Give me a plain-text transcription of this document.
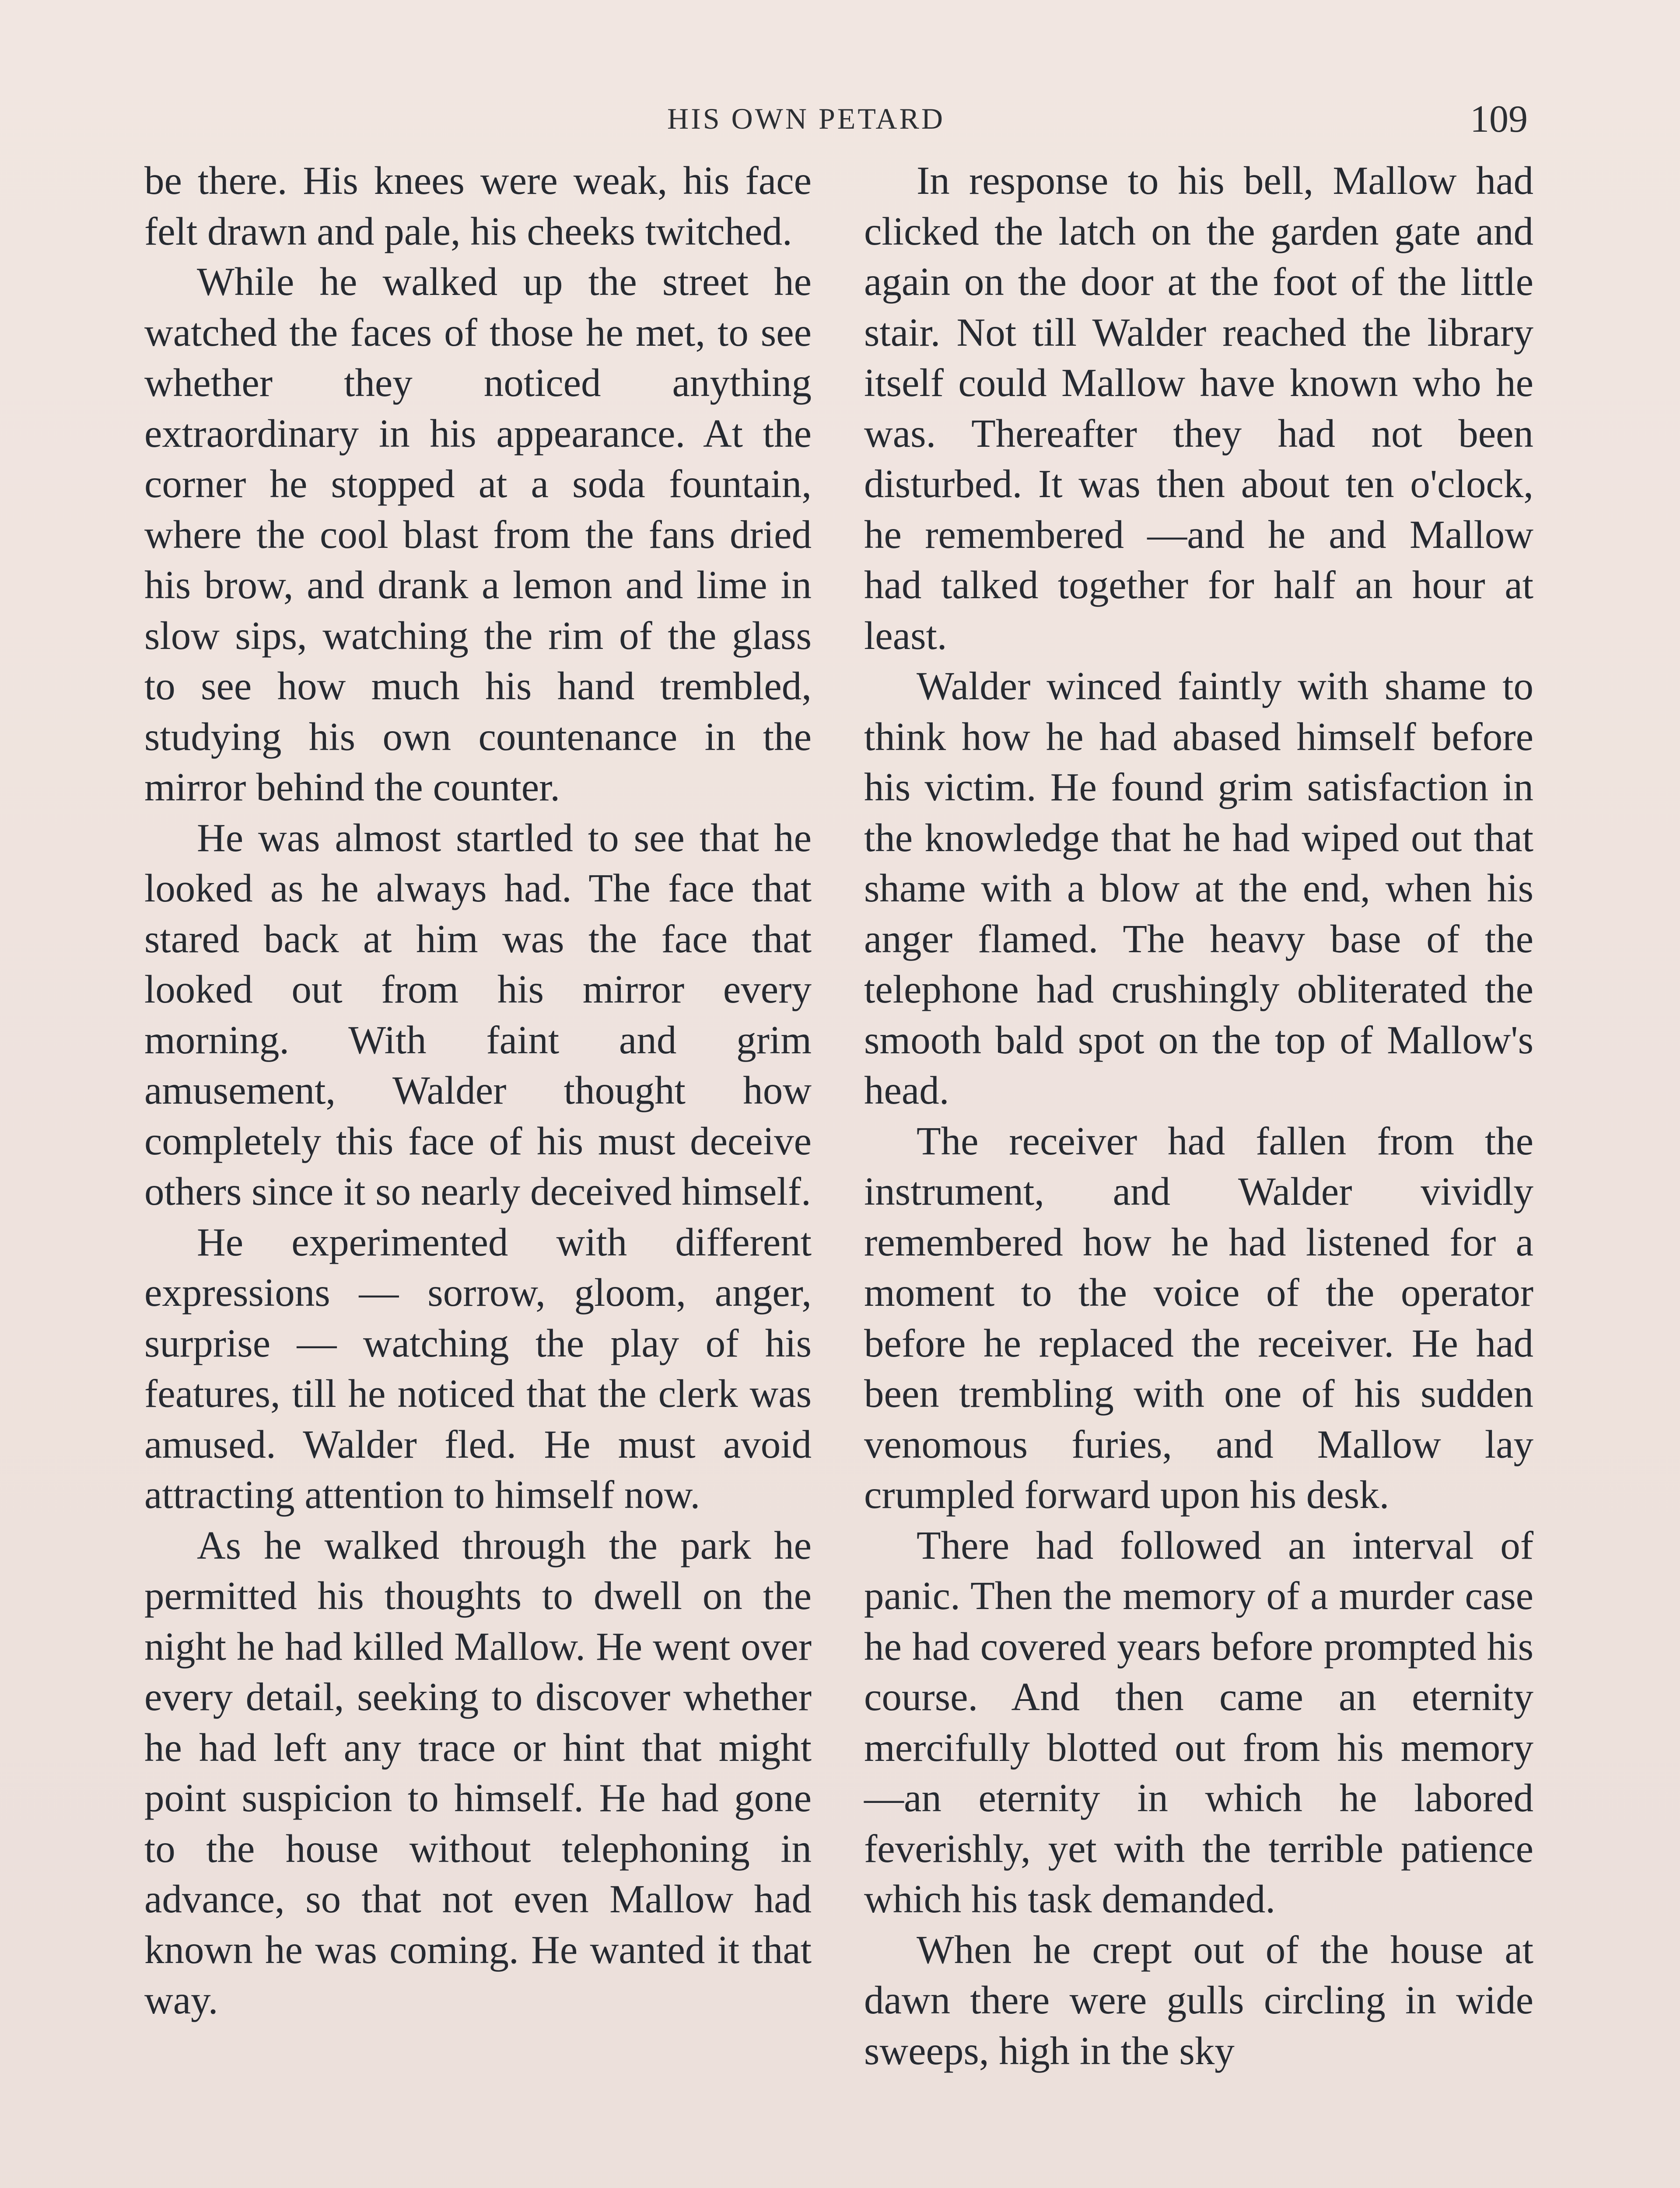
HIS OWN PETARD	109

be there. His knees were weak, his face felt drawn and pale, his cheeks twitched.

While he walked up the street he watched the faces of those he met, to see whether they noticed anything extraordinary in his appearance. At the corner he stopped at a soda fountain, where the cool blast from the fans dried his brow, and drank a lemon and lime in slow sips, watching the rim of the glass to see how much his hand trembled, studying his own countenance in the mirror behind the counter.

He was almost startled to see that he looked as he always had. The face that stared back at him was the face that looked out from his mirror every morning. With faint and grim amusement, Walder thought how completely this face of his must deceive others since it so nearly deceived himself.

He experimented with different expressions — sorrow, gloom, anger, surprise — watching the play of his features, till he noticed that the clerk was amused. Walder fled. He must avoid attracting attention to himself now.

As he walked through the park he permitted his thoughts to dwell on the night he had killed Mallow. He went over every detail, seeking to discover whether he had left any trace or hint that might point suspicion to himself. He had gone to the house without telephoning in advance, so that not even Mallow had known he was coming. He wanted it that way.

In response to his bell, Mallow had clicked the latch on the garden gate and again on the door at the foot of the little stair. Not till Walder reached the library itself could Mallow have known who he was. Thereafter they had not been disturbed. It was then about ten o'clock, he remembered —and he and Mallow had talked together for half an hour at least.

Walder winced faintly with shame to think how he had abased himself before his victim. He found grim satisfaction in the knowledge that he had wiped out that shame with a blow at the end, when his anger flamed. The heavy base of the telephone had crushingly obliterated the smooth bald spot on the top of Mallow's head.

The receiver had fallen from the instrument, and Walder vividly remembered how he had listened for a moment to the voice of the operator before he replaced the receiver. He had been trembling with one of his sudden venomous furies, and Mallow lay crumpled forward upon his desk.

There had followed an interval of panic. Then the memory of a murder case he had covered years before prompted his course. And then came an eternity mercifully blotted out from his memory—an eternity in which he labored feverishly, yet with the terrible patience which his task demanded.

When he crept out of the house at dawn there were gulls circling in wide sweeps, high in the sky
